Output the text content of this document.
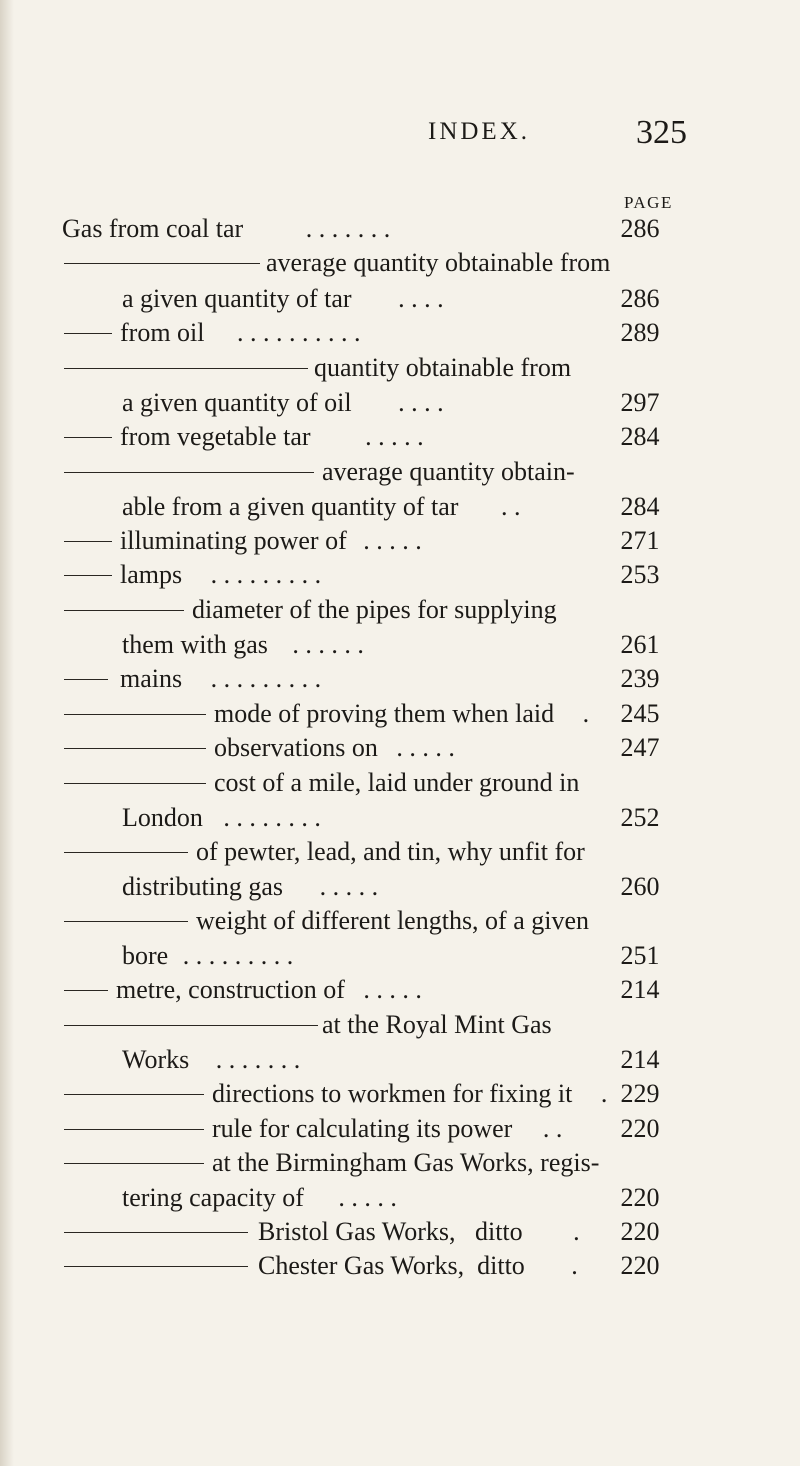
INDEX.	325
PAGE
Gas from coal tar . . . . . . .	286
average quantity obtainable from
a given quantity of tar . . . .	286
from oil . . . . . . . . . .	289
quantity obtainable from
a given quantity of oil . . . .	297
from vegetable tar . . . . .	284
average quantity obtain-
able from a given quantity of tar . .	284
illuminating power of . . . . .	271
lamps . . . . . . . . .	253
diameter of the pipes for supplying
them with gas . . . . . .	261
mains . . . . . . . . .	239
mode of proving them when laid .	245
observations on . . . . .	247
cost of a mile, laid under ground in
London . . . . . . . .	252
of pewter, lead, and tin, why unfit for
distributing gas . . . . .	260
weight of different lengths, of a given
bore . . . . . . . . .	251
metre, construction of . . . . .	214
at the Royal Mint Gas
Works . . . . . . .	214
directions to workmen for fixing it . 229
rule for calculating its power . .	220
at the Birmingham Gas Works, regis-
tering capacity of . . . . .	220
Bristol Gas Works,   ditto .	220
Chester Gas Works,  ditto .	220
